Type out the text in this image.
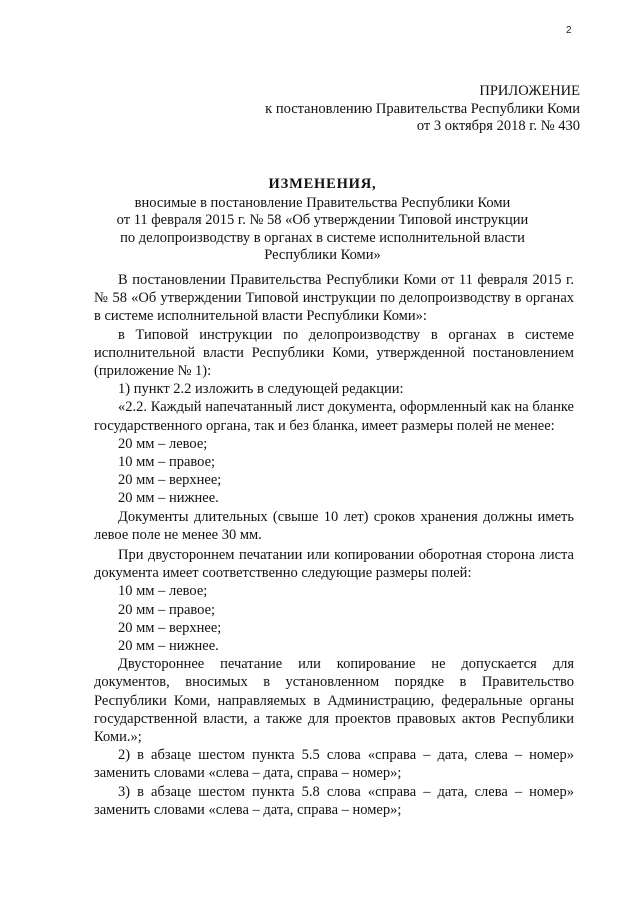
2
ПРИЛОЖЕНИЕ
к постановлению Правительства Республики Коми
от 3 октября 2018 г. № 430
ИЗМЕНЕНИЯ,
вносимые в постановление Правительства Республики Коми
от 11 февраля 2015 г. № 58 «Об утверждении Типовой инструкции
по делопроизводству в органах в системе исполнительной власти
Республики Коми»

В постановлении Правительства Республики Коми от 11 февраля 2015 г. № 58 «Об утверждении Типовой инструкции по делопроизводству в органах в системе исполнительной власти Республики Коми»:

в Типовой инструкции по делопроизводству в органах в системе исполнительной власти Республики Коми, утвержденной постановлением (приложение № 1):

1) пункт 2.2 изложить в следующей редакции:

«2.2. Каждый напечатанный лист документа, оформленный как на бланке государственного органа, так и без бланка, имеет размеры полей не менее:

20 мм – левое;

10 мм – правое;

20 мм – верхнее;

20 мм – нижнее.

Документы длительных (свыше 10 лет) сроков хранения должны иметь левое поле не менее 30 мм.

При двустороннем печатании или копировании оборотная сторона листа документа имеет соответственно следующие размеры полей:

10 мм – левое;

20 мм – правое;

20 мм – верхнее;

20 мм – нижнее.

Двустороннее печатание или копирование не допускается для документов, вносимых в установленном порядке в Правительство Республики Коми, направляемых в Администрацию, федеральные органы государственной власти, а также для проектов правовых актов Республики Коми.»;

2) в абзаце шестом пункта 5.5 слова «справа – дата, слева – номер» заменить словами «слева – дата, справа – номер»;

3) в абзаце шестом пункта 5.8 слова «справа – дата, слева – номер» заменить словами «слева – дата, справа – номер»;
